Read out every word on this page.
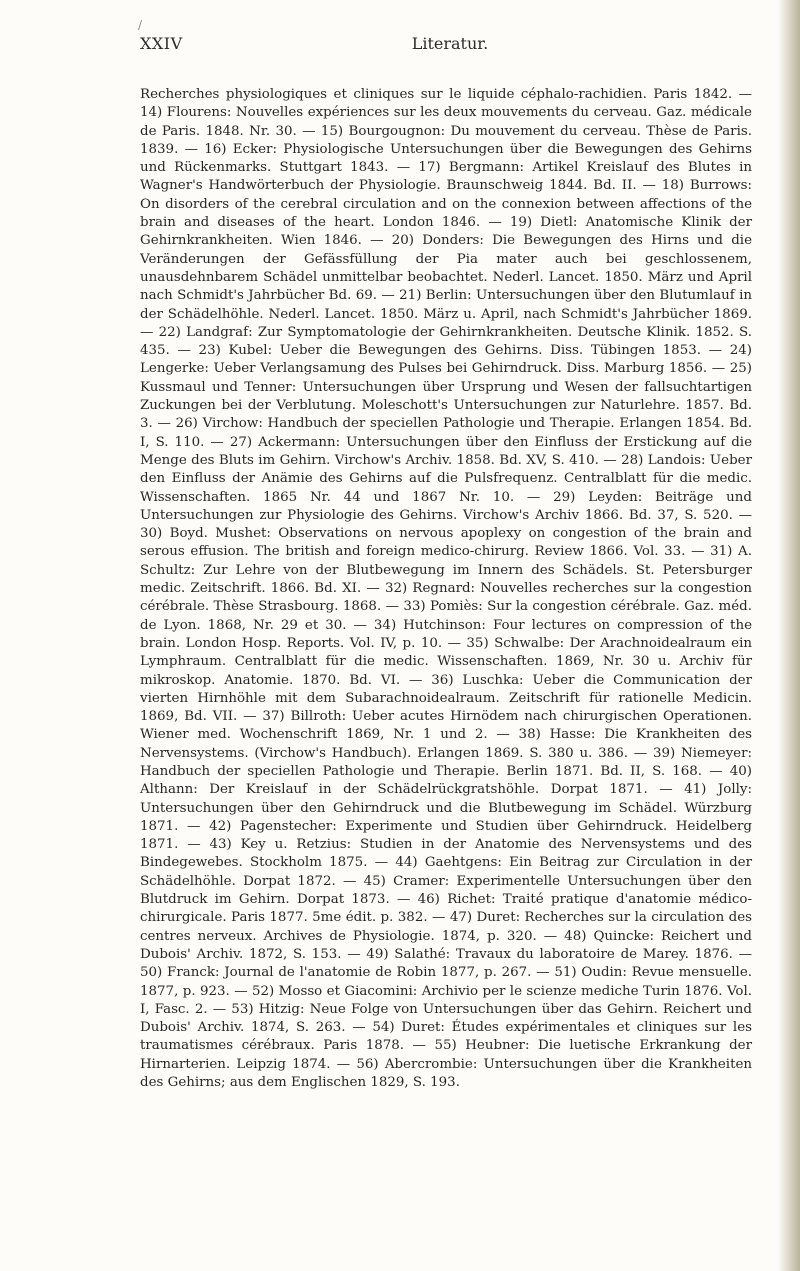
/
XXIV	Literatur.

Recherches physiologiques et cliniques sur le liquide céphalo-rachidien. Paris 1842. — 14) Flourens: Nouvelles expériences sur les deux mouvements du cerveau. Gaz. médicale de Paris. 1848. Nr. 30. — 15) Bourgougnon: Du mouvement du cerveau. Thèse de Paris. 1839. — 16) Ecker: Physiologische Untersuchungen über die Bewegungen des Gehirns und Rückenmarks. Stuttgart 1843. — 17) Bergmann: Artikel Kreislauf des Blutes in Wagner's Handwörterbuch der Physiologie. Braunschweig 1844. Bd. II. — 18) Burrows: On disorders of the cerebral circulation and on the connexion between affections of the brain and diseases of the heart. London 1846. — 19) Dietl: Anatomische Klinik der Gehirnkrankheiten. Wien 1846. — 20) Donders: Die Bewegungen des Hirns und die Veränderungen der Gefässfüllung der Pia mater auch bei geschlossenem, unausdehnbarem Schädel unmittelbar beobachtet. Nederl. Lancet. 1850. März und April nach Schmidt's Jahrbücher Bd. 69. — 21) Berlin: Untersuchungen über den Blutumlauf in der Schädelhöhle. Nederl. Lancet. 1850. März u. April, nach Schmidt's Jahrbücher 1869. — 22) Landgraf: Zur Symptomatologie der Gehirnkrankheiten. Deutsche Klinik. 1852. S. 435. — 23) Kubel: Ueber die Bewegungen des Gehirns. Diss. Tübingen 1853. — 24) Lengerke: Ueber Verlangsamung des Pulses bei Gehirndruck. Diss. Marburg 1856. — 25) Kussmaul und Tenner: Untersuchungen über Ursprung und Wesen der fallsuchtartigen Zuckungen bei der Verblutung. Moleschott's Untersuchungen zur Naturlehre. 1857. Bd. 3. — 26) Virchow: Handbuch der speciellen Pathologie und Therapie. Erlangen 1854. Bd. I, S. 110. — 27) Ackermann: Untersuchungen über den Einfluss der Erstickung auf die Menge des Bluts im Gehirn. Virchow's Archiv. 1858. Bd. XV, S. 410. — 28) Landois: Ueber den Einfluss der Anämie des Gehirns auf die Pulsfrequenz. Centralblatt für die medic. Wissenschaften. 1865 Nr. 44 und 1867 Nr. 10. — 29) Leyden: Beiträge und Untersuchungen zur Physiologie des Gehirns. Virchow's Archiv 1866. Bd. 37, S. 520. — 30) Boyd. Mushet: Observations on nervous apoplexy on congestion of the brain and serous effusion. The british and foreign medico-chirurg. Review 1866. Vol. 33. — 31) A. Schultz: Zur Lehre von der Blutbewegung im Innern des Schädels. St. Petersburger medic. Zeitschrift. 1866. Bd. XI. — 32) Regnard: Nouvelles recherches sur la congestion cérébrale. Thèse Strasbourg. 1868. — 33) Pomiès: Sur la congestion cérébrale. Gaz. méd. de Lyon. 1868, Nr. 29 et 30. — 34) Hutchinson: Four lectures on compression of the brain. London Hosp. Reports. Vol. IV, p. 10. — 35) Schwalbe: Der Arachnoidealraum ein Lymphraum. Centralblatt für die medic. Wissenschaften. 1869, Nr. 30 u. Archiv für mikroskop. Anatomie. 1870. Bd. VI. — 36) Luschka: Ueber die Communication der vierten Hirnhöhle mit dem Subarachnoidealraum. Zeitschrift für rationelle Medicin. 1869, Bd. VII. — 37) Billroth: Ueber acutes Hirnödem nach chirurgischen Operationen. Wiener med. Wochenschrift 1869, Nr. 1 und 2. — 38) Hasse: Die Krankheiten des Nervensystems. (Virchow's Handbuch). Erlangen 1869. S. 380 u. 386. — 39) Niemeyer: Handbuch der speciellen Pathologie und Therapie. Berlin 1871. Bd. II, S. 168. — 40) Althann: Der Kreislauf in der Schädelrückgratshöhle. Dorpat 1871. — 41) Jolly: Untersuchungen über den Gehirndruck und die Blutbewegung im Schädel. Würzburg 1871. — 42) Pagenstecher: Experimente und Studien über Gehirndruck. Heidelberg 1871. — 43) Key u. Retzius: Studien in der Anatomie des Nervensystems und des Bindegewebes. Stockholm 1875. — 44) Gaehtgens: Ein Beitrag zur Circulation in der Schädelhöhle. Dorpat 1872. — 45) Cramer: Experimentelle Untersuchungen über den Blutdruck im Gehirn. Dorpat 1873. — 46) Richet: Traité pratique d'anatomie médico-chirurgicale. Paris 1877. 5me édit. p. 382. — 47) Duret: Recherches sur la circulation des centres nerveux. Archives de Physiologie. 1874, p. 320. — 48) Quincke: Reichert und Dubois' Archiv. 1872, S. 153. — 49) Salathé: Travaux du laboratoire de Marey. 1876. — 50) Franck: Journal de l'anatomie de Robin 1877, p. 267. — 51) Oudin: Revue mensuelle. 1877, p. 923. — 52) Mosso et Giacomini: Archivio per le scienze mediche Turin 1876. Vol. I, Fasc. 2. — 53) Hitzig: Neue Folge von Untersuchungen über das Gehirn. Reichert und Dubois' Archiv. 1874, S. 263. — 54) Duret: Études expérimentales et cliniques sur les traumatismes cérébraux. Paris 1878. — 55) Heubner: Die luetische Erkrankung der Hirnarterien. Leipzig 1874. — 56) Abercrombie: Untersuchungen über die Krankheiten des Gehirns; aus dem Englischen 1829, S. 193.
